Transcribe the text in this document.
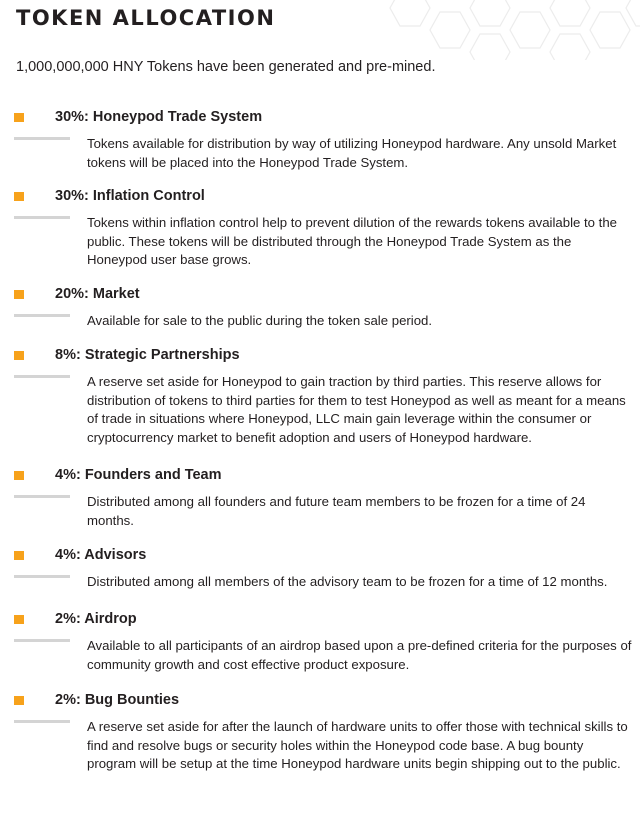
TOKEN ALLOCATION

1,000,000,000 HNY Tokens have been generated and pre-mined.

30%: Honeypod Trade System

Tokens available for distribution by way of utilizing Honeypod hardware. Any unsold Market tokens will be placed into the Honeypod Trade System.

30%: Inflation Control

Tokens within inflation control help to prevent dilution of the rewards tokens available to the public. These tokens will be distributed through the Honeypod Trade System as the Honeypod user base grows.

20%: Market

Available for sale to the public during the token sale period.

8%: Strategic Partnerships

A reserve set aside for Honeypod to gain traction by third parties. This reserve allows for distribution of tokens to third parties for them to test Honeypod as well as meant for a means of trade in situations where Honeypod, LLC main gain leverage within the consumer or cryptocurrency market to benefit adoption and users of Honeypod hardware.

4%: Founders and Team

Distributed among all founders and future team members to be frozen for a time of 24 months.

4%: Advisors

Distributed among all members of the advisory team to be frozen for a time of 12 months.

2%: Airdrop

Available to all participants of an airdrop based upon a pre-defined criteria for the purposes of community growth and cost effective product exposure.

2%: Bug Bounties

A reserve set aside for after the launch of hardware units to offer those with technical skills to find and resolve bugs or security holes within the Honeypod code base. A bug bounty program will be setup at the time Honeypod hardware units begin shipping out to the public.
